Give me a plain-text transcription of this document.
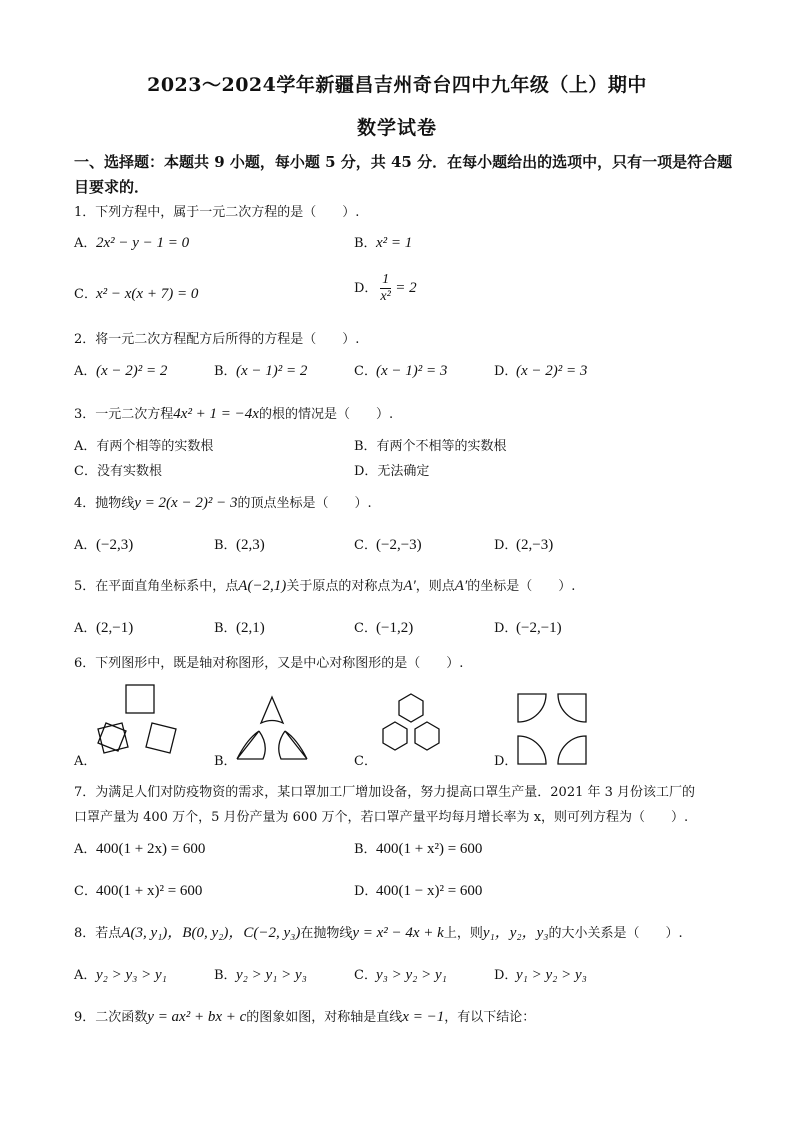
2023～2024学年新疆昌吉州奇台四中九年级（上）期中
数学试卷
一、选择题：本题共 9 小题，每小题 5 分，共 45 分．在每小题给出的选项中，只有一项是符合题目要求的．
1．下列方程中，属于一元二次方程的是（　　）.
A．2x² − y − 1 = 0	B．x² = 1
C．x² − x(x + 7) = 0	D． $\frac{1}{\text{x²}} = 2$
2．将一元二次方程配方后所得的方程是（　　）.
A．(x − 2)² = 2	B．(x − 1)² = 2	C．(x − 1)² = 3	D．(x − 2)² = 3
3．一元二次方程4x² + 1 = −4x的根的情况是（　　）.
A．有两个相等的实数根	B．有两个不相等的实数根
C．没有实数根	D．无法确定
4．抛物线y = 2(x − 2)² − 3的顶点坐标是（　　）.
A．(−2,3)	B．(2,3)	C．(−2,−3)	D．(2,−3)
5．在平面直角坐标系中，点A(−2,1)关于原点的对称点为A′，则点A′的坐标是（　　）.
A．(2,−1)	B．(2,1)	C．(−1,2)	D．(−2,−1)
6．下列图形中，既是轴对称图形，又是中心对称图形的是（　　）.
A．	B．	C．	D．
7．为满足人们对防疫物资的需求，某口罩加工厂增加设备，努力提高口罩生产量．2021 年 3 月份该工厂的
口罩产量为 400 万个，5 月份产量为 600 万个，若口罩产量平均每月增长率为 x，则可列方程为（　　）.
A．400(1 + 2x) = 600	B．400(1 + x²) = 600
C．400(1 + x)² = 600	D．400(1 − x)² = 600
8．若点A(3, y₁)，B(0, y₂)，C(−2, y₃)在抛物线y = x² − 4x + k上，则y₁，y₂，y₃的大小关系是（　　）.
A．y₂ > y₃ > y₁	B．y₂ > y₁ > y₃	C．y₃ > y₂ > y₁	D．y₁ > y₂ > y₃
9．二次函数y = ax² + bx + c的图象如图，对称轴是直线x = −1，有以下结论：
